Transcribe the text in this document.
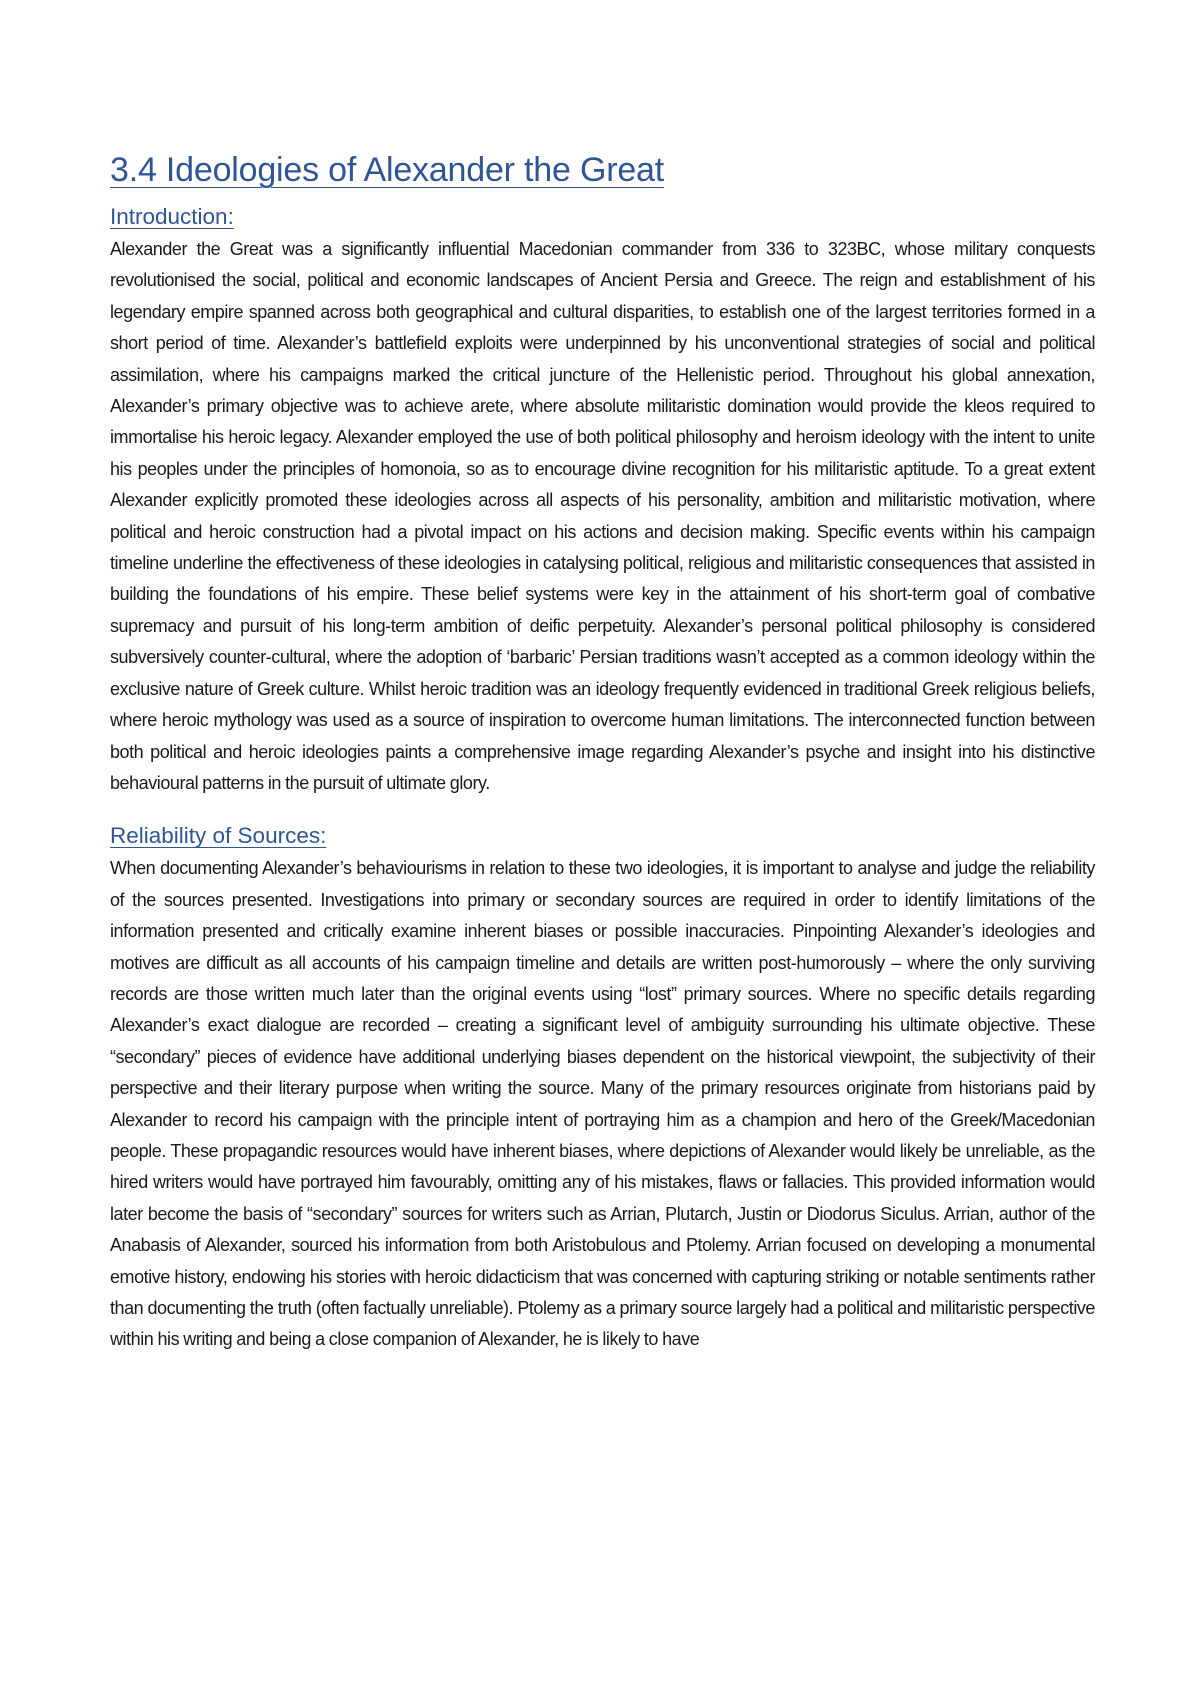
3.4 Ideologies of Alexander the Great
Introduction:

Alexander the Great was a significantly influential Macedonian commander from 336 to 323BC, whose military conquests revolutionised the social, political and economic landscapes of Ancient Persia and Greece. The reign and establishment of his legendary empire spanned across both geographical and cultural disparities, to establish one of the largest territories formed in a short period of time. Alexander’s battlefield exploits were underpinned by his unconventional strategies of social and political assimilation, where his campaigns marked the critical juncture of the Hellenistic period. Throughout his global annexation, Alexander’s primary objective was to achieve arete, where absolute militaristic domination would provide the kleos required to immortalise his heroic legacy. Alexander employed the use of both political philosophy and heroism ideology with the intent to unite his peoples under the principles of homonoia, so as to encourage divine recognition for his militaristic aptitude. To a great extent Alexander explicitly promoted these ideologies across all aspects of his personality, ambition and militaristic motivation, where political and heroic construction had a pivotal impact on his actions and decision making. Specific events within his campaign timeline underline the effectiveness of these ideologies in catalysing political, religious and militaristic consequences that assisted in building the foundations of his empire. These belief systems were key in the attainment of his short-term goal of combative supremacy and pursuit of his long-term ambition of deific perpetuity. Alexander’s personal political philosophy is considered subversively counter-cultural, where the adoption of ‘barbaric’ Persian traditions wasn’t accepted as a common ideology within the exclusive nature of Greek culture. Whilst heroic tradition was an ideology frequently evidenced in traditional Greek religious beliefs, where heroic mythology was used as a source of inspiration to overcome human limitations. The interconnected function between both political and heroic ideologies paints a comprehensive image regarding Alexander’s psyche and insight into his distinctive behavioural patterns in the pursuit of ultimate glory.

Reliability of Sources:

When documenting Alexander’s behaviourisms in relation to these two ideologies, it is important to analyse and judge the reliability of the sources presented. Investigations into primary or secondary sources are required in order to identify limitations of the information presented and critically examine inherent biases or possible inaccuracies. Pinpointing Alexander’s ideologies and motives are difficult as all accounts of his campaign timeline and details are written post-humorously – where the only surviving records are those written much later than the original events using “lost” primary sources. Where no specific details regarding Alexander’s exact dialogue are recorded – creating a significant level of ambiguity surrounding his ultimate objective. These “secondary” pieces of evidence have additional underlying biases dependent on the historical viewpoint, the subjectivity of their perspective and their literary purpose when writing the source. Many of the primary resources originate from historians paid by Alexander to record his campaign with the principle intent of portraying him as a champion and hero of the Greek/Macedonian people. These propagandic resources would have inherent biases, where depictions of Alexander would likely be unreliable, as the hired writers would have portrayed him favourably, omitting any of his mistakes, flaws or fallacies. This provided information would later become the basis of “secondary” sources for writers such as Arrian, Plutarch, Justin or Diodorus Siculus. Arrian, author of the Anabasis of Alexander, sourced his information from both Aristobulous and Ptolemy. Arrian focused on developing a monumental emotive history, endowing his stories with heroic didacticism that was concerned with capturing striking or notable sentiments rather than documenting the truth (often factually unreliable). Ptolemy as a primary source largely had a political and militaristic perspective within his writing and being a close companion of Alexander, he is likely to have
